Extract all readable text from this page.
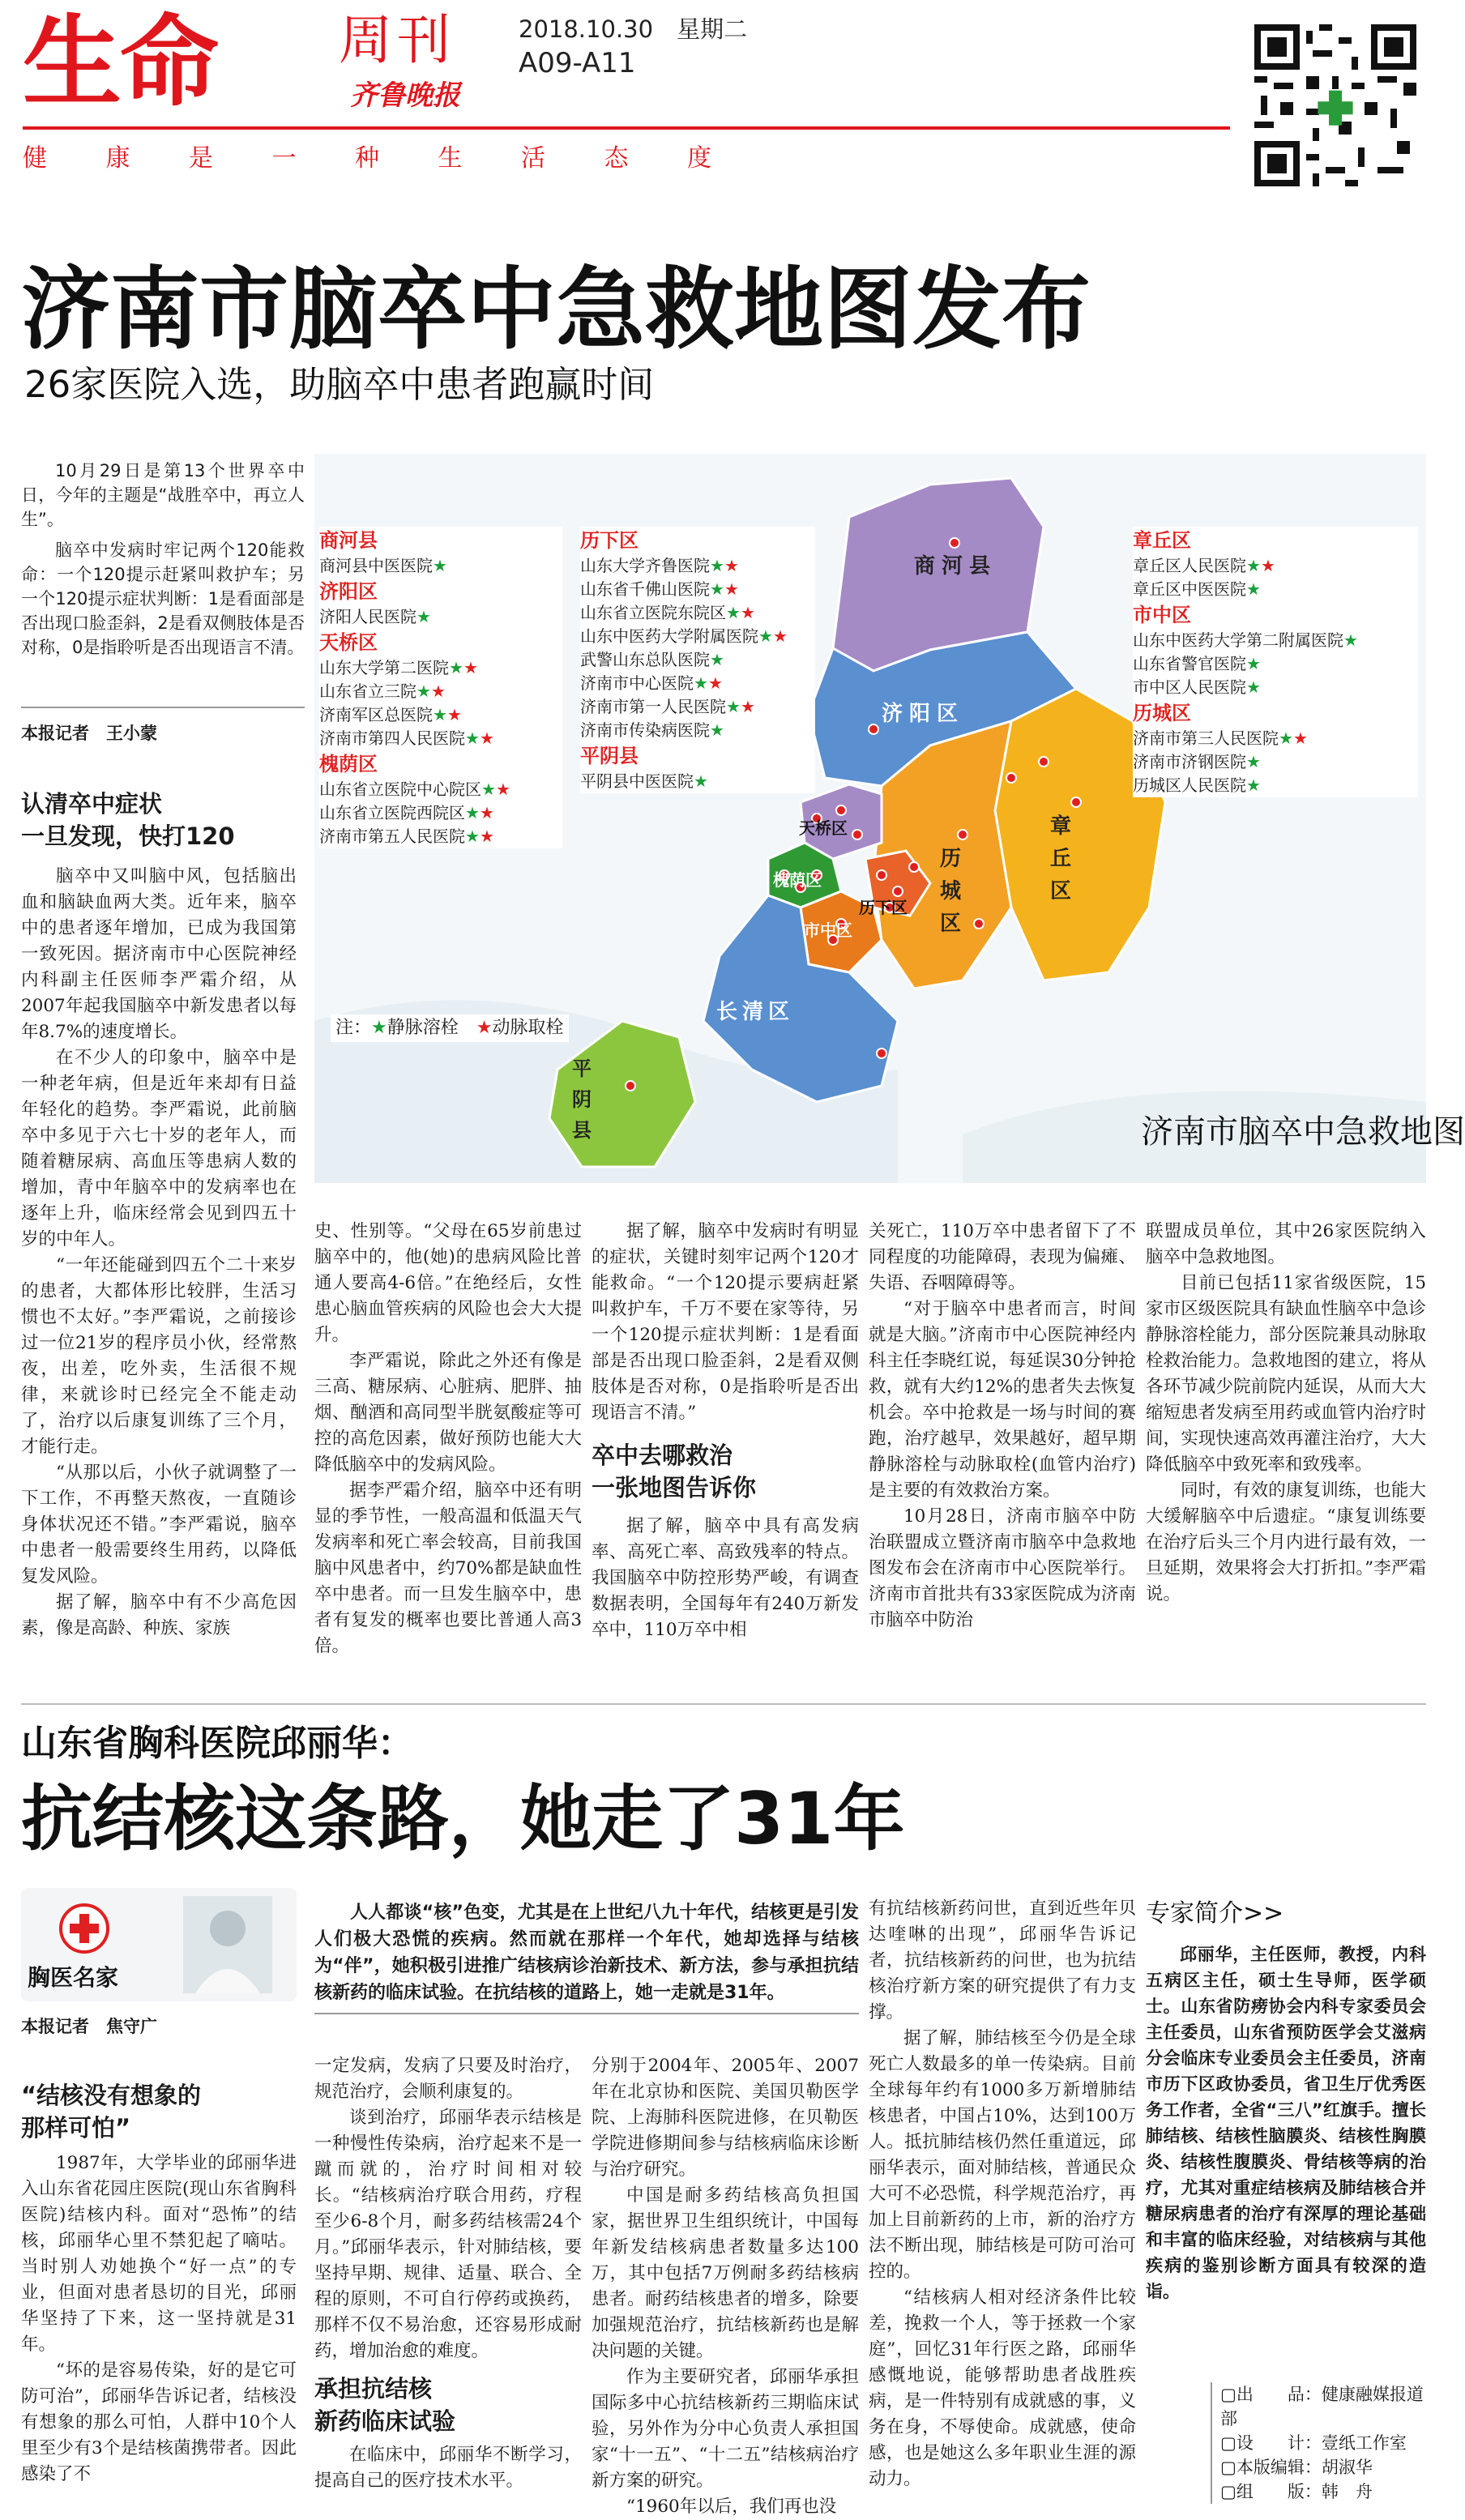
生命 周刊
齐鲁晚报
2018.10.30　 星期二
A09-A11
健 康 是 一 种 生 活 态 度
济南市脑卒中急救地图发布
26家医院入选，助脑卒中患者跑赢时间

10月29日是第13个世界卒中日，今年的主题是“战胜卒中，再立人生”。

脑卒中发病时牢记两个120能救命：一个120提示赶紧叫救护车；另一个120提示症状判断：1是看面部是否出现口脸歪斜，2是看双侧肢体是否对称，0是指聆听是否出现语言不清。

本报记者　王小蒙
认清卒中症状
一旦发现，快打120

脑卒中又叫脑中风，包括脑出血和脑缺血两大类。近年来，脑卒中的患者逐年增加，已成为我国第一致死因。据济南市中心医院神经内科副主任医师李严霜介绍，从2007年起我国脑卒中新发患者以每年8.7%的速度增长。

在不少人的印象中，脑卒中是一种老年病，但是近年来却有日益年轻化的趋势。李严霜说，此前脑卒中多见于六七十岁的老年人，而随着糖尿病、高血压等患病人数的增加，青中年脑卒中的发病率也在逐年上升，临床经常会见到四五十岁的中年人。

“一年还能碰到四五个二十来岁的患者，大都体形比较胖，生活习惯也不太好。”李严霜说，之前接诊过一位21岁的程序员小伙，经常熬夜，出差，吃外卖，生活很不规律，来就诊时已经完全不能走动了，治疗以后康复训练了三个月，才能行走。

“从那以后，小伙子就调整了一下工作，不再整天熬夜，一直随诊身体状况还不错。”李严霜说，脑卒中患者一般需要终生用药，以降低复发风险。

据了解，脑卒中有不少高危因素，像是高龄、种族、家族

商河县
济阳区
天桥区
槐荫区
市中区
历下区
历城区
章丘区
长清区
平阴县
商河县
商河县中医医院★
济阳区
济阳人民医院★
天桥区
山东大学第二医院★★
山东省立三院★★
济南军区总医院★★
济南市第四人民医院★★
槐荫区
山东省立医院中心院区★★
山东省立医院西院区★★
济南市第五人民医院★★
历下区
山东大学齐鲁医院★★
山东省千佛山医院★★
山东省立医院东院区★★
山东中医药大学附属医院★★
武警山东总队医院★
济南市中心医院★★
济南市第一人民医院★★
济南市传染病医院★
平阴县
平阴县中医医院★
章丘区
章丘区人民医院★★
章丘区中医医院★
市中区
山东中医药大学第二附属医院★
山东省警官医院★
市中区人民医院★
历城区
济南市第三人民医院★★
济南市济钢医院★
历城区人民医院★
注：★静脉溶栓　 ★动脉取栓
济南市脑卒中急救地图

史、性别等。“父母在65岁前患过脑卒中的，他(她)的患病风险比普通人要高4-6倍。”在绝经后，女性患心脑血管疾病的风险也会大大提升。

李严霜说，除此之外还有像是三高、糖尿病、心脏病、肥胖、抽烟、酗酒和高同型半胱氨酸症等可控的高危因素，做好预防也能大大降低脑卒中的发病风险。

据李严霜介绍，脑卒中还有明显的季节性，一般高温和低温天气发病率和死亡率会较高，目前我国脑中风患者中，约70%都是缺血性卒中患者。而一旦发生脑卒中，患者有复发的概率也要比普通人高3倍。

据了解，脑卒中发病时有明显的症状，关键时刻牢记两个120才能救命。“一个120提示要病赶紧叫救护车，千万不要在家等待，另一个120提示症状判断：1是看面部是否出现口脸歪斜，2是看双侧肢体是否对称，0是指聆听是否出现语言不清。”

卒中去哪救治
一张地图告诉你

据了解，脑卒中具有高发病率、高死亡率、高致残率的特点。我国脑卒中防控形势严峻，有调查数据表明，全国每年有240万新发卒中，110万卒中相

关死亡，110万卒中患者留下了不同程度的功能障碍，表现为偏瘫、失语、吞咽障碍等。

“对于脑卒中患者而言，时间就是大脑。”济南市中心医院神经内科主任李晓红说，每延误30分钟抢救，就有大约12%的患者失去恢复机会。卒中抢救是一场与时间的赛跑，治疗越早，效果越好，超早期静脉溶栓与动脉取栓(血管内治疗)是主要的有效救治方案。

10月28日，济南市脑卒中防治联盟成立暨济南市脑卒中急救地图发布会在济南市中心医院举行。济南市首批共有33家医院成为济南市脑卒中防治

联盟成员单位，其中26家医院纳入脑卒中急救地图。

目前已包括11家省级医院，15家市区级医院具有缺血性脑卒中急诊静脉溶栓能力，部分医院兼具动脉取栓救治能力。急救地图的建立，将从各环节减少院前院内延误，从而大大缩短患者发病至用药或血管内治疗时间，实现快速高效再灌注治疗，大大降低脑卒中致死率和致残率。

同时，有效的康复训练，也能大大缓解脑卒中后遗症。“康复训练要在治疗后头三个月内进行最有效，一旦延期，效果将会大打折扣。”李严霜说。

山东省胸科医院邱丽华：
抗结核这条路，她走了31年
胸医名家
本报记者　焦守广
人人都谈“核”色变，尤其是在上世纪八九十年代，结核更是引发人们极大恐慌的疾病。然而就在那样一个年代，她却选择与结核为“伴”，她积极引进推广结核病诊治新技术、新方法，参与承担抗结核新药的临床试验。在抗结核的道路上，她一走就是31年。
“结核没有想象的
那样可怕”

1987年，大学毕业的邱丽华进入山东省花园庄医院(现山东省胸科医院)结核内科。面对“恐怖”的结核，邱丽华心里不禁犯起了嘀咕。当时别人劝她换个“好一点”的专业，但面对患者恳切的目光，邱丽华坚持了下来，这一坚持就是31年。

“坏的是容易传染，好的是它可防可治”，邱丽华告诉记者，结核没有想象的那么可怕，人群中10个人里至少有3个是结核菌携带者。因此感染了不

一定发病，发病了只要及时治疗，规范治疗，会顺利康复的。

谈到治疗，邱丽华表示结核是一种慢性传染病，治疗起来不是一蹴而就的，治疗时间相对较长。“结核病治疗联合用药，疗程至少6-8个月，耐多药结核需24个月。”邱丽华表示，针对肺结核，要坚持早期、规律、适量、联合、全程的原则，不可自行停药或换药，那样不仅不易治愈，还容易形成耐药，增加治愈的难度。

承担抗结核
新药临床试验

在临床中，邱丽华不断学习，提高自己的医疗技术水平。

分别于2004年、2005年、2007年在北京协和医院、美国贝勒医学院、上海肺科医院进修，在贝勒医学院进修期间参与结核病临床诊断与治疗研究。

中国是耐多药结核高负担国家，据世界卫生组织统计，中国每年新发结核病患者数量多达100万，其中包括7万例耐多药结核病患者。耐药结核患者的增多，除要加强规范治疗，抗结核新药也是解决问题的关键。

作为主要研究者，邱丽华承担国际多中心抗结核新药三期临床试验，另外作为分中心负责人承担国家“十一五”、“十二五”结核病治疗新方案的研究。

“1960年以后，我们再也没

有抗结核新药问世，直到近些年贝达喹啉的出现”，邱丽华告诉记者，抗结核新药的问世，也为抗结核治疗新方案的研究提供了有力支撑。

据了解，肺结核至今仍是全球死亡人数最多的单一传染病。目前全球每年约有1000多万新增肺结核患者，中国占10%，达到100万人。抵抗肺结核仍然任重道远，邱丽华表示，面对肺结核，普通民众大可不必恐慌，科学规范治疗，再加上目前新药的上市，新的治疗方法不断出现，肺结核是可防可治可控的。

“结核病人相对经济条件比较差，挽救一个人，等于拯救一个家庭”，回忆31年行医之路，邱丽华感慨地说，能够帮助患者战胜疾病，是一件特别有成就感的事，义务在身，不辱使命。成就感，使命感，也是她这么多年职业生涯的源动力。

专家简介>>
邱丽华，主任医师，教授，内科五病区主任，硕士生导师，医学硕士。山东省防痨协会内科专家委员会主任委员，山东省预防医学会艾滋病分会临床专业委员会主任委员，济南市历下区政协委员，省卫生厅优秀医务工作者，全省“三八”红旗手。擅长肺结核、结核性脑膜炎、结核性胸膜炎、结核性腹膜炎、骨结核等病的治疗，尤其对重症结核病及肺结核合并糖尿病患者的治疗有深厚的理论基础和丰富的临床经验，对结核病与其他疾病的鉴别诊断方面具有较深的造诣。
▢出　　品：健康融媒报道部
▢设　　计：壹纸工作室
▢本版编辑：胡淑华
▢组　　版：韩　舟
